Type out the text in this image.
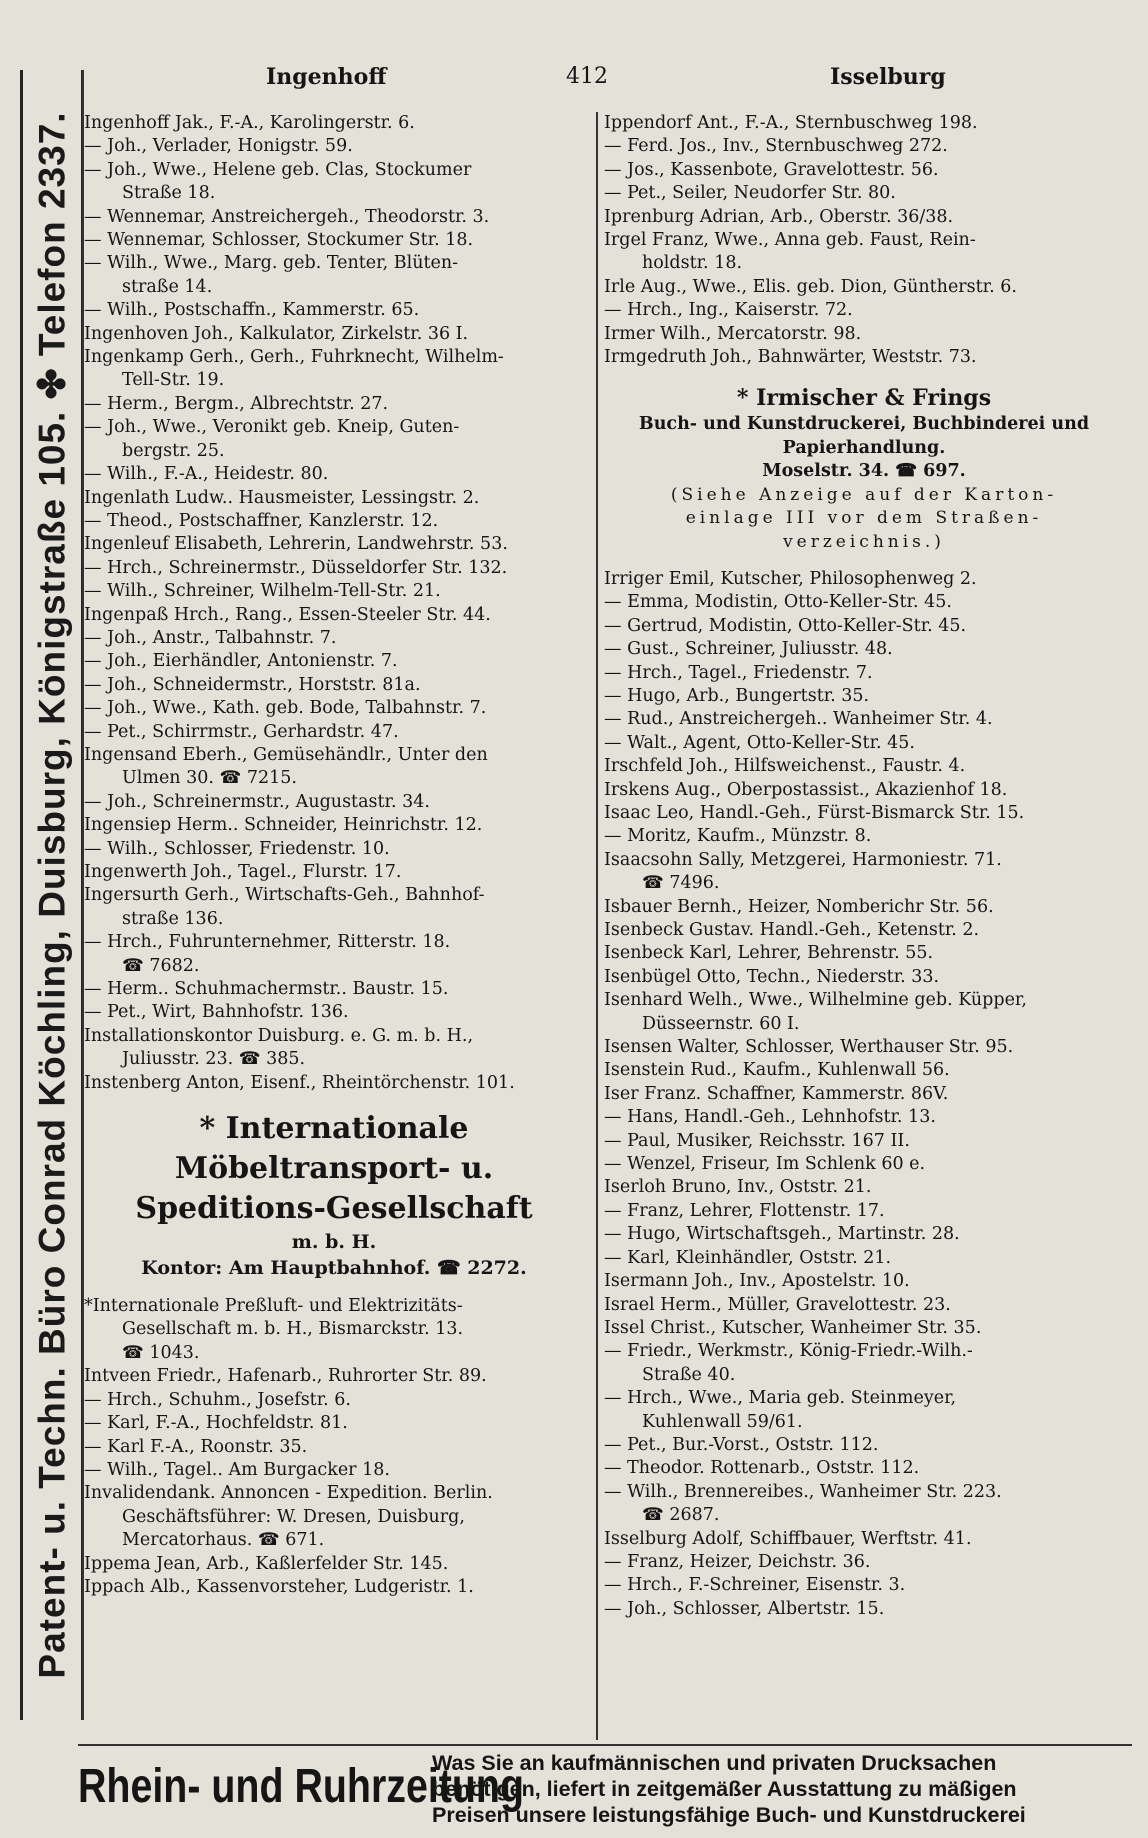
Patent- u. Techn. Büro Conrad Köchling, Duisburg, Königstraße 105. ✤ Telefon 2337.
Ingenhoff	412	Isselburg
Ingenhoff Jak., F.-A., Karolingerstr. 6.
— Joh., Verlader, Honigstr. 59.
— Joh., Wwe., Helene geb. Clas, Stockumer
Straße 18.
— Wennemar, Anstreichergeh., Theodorstr. 3.
— Wennemar, Schlosser, Stockumer Str. 18.
— Wilh., Wwe., Marg. geb. Tenter, Blüten-
straße 14.
— Wilh., Postschaffn., Kammerstr. 65.
Ingenhoven Joh., Kalkulator, Zirkelstr. 36 I.
Ingenkamp Gerh., Gerh., Fuhrknecht, Wilhelm-
Tell-Str. 19.
— Herm., Bergm., Albrechtstr. 27.
— Joh., Wwe., Veronikt geb. Kneip, Guten-
bergstr. 25.
— Wilh., F.-A., Heidestr. 80.
Ingenlath Ludw.. Hausmeister, Lessingstr. 2.
— Theod., Postschaffner, Kanzlerstr. 12.
Ingenleuf Elisabeth, Lehrerin, Landwehrstr. 53.
— Hrch., Schreinermstr., Düsseldorfer Str. 132.
— Wilh., Schreiner, Wilhelm-Tell-Str. 21.
Ingenpaß Hrch., Rang., Essen-Steeler Str. 44.
— Joh., Anstr., Talbahnstr. 7.
— Joh., Eierhändler, Antonienstr. 7.
— Joh., Schneidermstr., Horststr. 81a.
— Joh., Wwe., Kath. geb. Bode, Talbahnstr. 7.
— Pet., Schirrmstr., Gerhardstr. 47.
Ingensand Eberh., Gemüsehändlr., Unter den
Ulmen 30. ☎ 7215.
— Joh., Schreinermstr., Augustastr. 34.
Ingensiep Herm.. Schneider, Heinrichstr. 12.
— Wilh., Schlosser, Friedenstr. 10.
Ingenwerth Joh., Tagel., Flurstr. 17.
Ingersurth Gerh., Wirtschafts-Geh., Bahnhof-
straße 136.
— Hrch., Fuhrunternehmer, Ritterstr. 18.
☎ 7682.
— Herm.. Schuhmachermstr.. Baustr. 15.
— Pet., Wirt, Bahnhofstr. 136.
Installationskontor Duisburg. e. G. m. b. H.,
Juliusstr. 23. ☎ 385.
Instenberg Anton, Eisenf., Rheintörchenstr. 101.
* Internationale
Möbeltransport- u.
Speditions-Gesellschaft
m. b. H.
Kontor: Am Hauptbahnhof. ☎ 2272.
*Internationale Preßluft- und Elektrizitäts-
Gesellschaft m. b. H., Bismarckstr. 13.
☎ 1043.
Intveen Friedr., Hafenarb., Ruhrorter Str. 89.
— Hrch., Schuhm., Josefstr. 6.
— Karl, F.-A., Hochfeldstr. 81.
— Karl F.-A., Roonstr. 35.
— Wilh., Tagel.. Am Burgacker 18.
Invalidendank. Annoncen - Expedition. Berlin.
Geschäftsführer: W. Dresen, Duisburg,
Mercatorhaus. ☎ 671.
Ippema Jean, Arb., Kaßlerfelder Str. 145.
Ippach Alb., Kassenvorsteher, Ludgeristr. 1.
Ippendorf Ant., F.-A., Sternbuschweg 198.
— Ferd. Jos., Inv., Sternbuschweg 272.
— Jos., Kassenbote, Gravelottestr. 56.
— Pet., Seiler, Neudorfer Str. 80.
Iprenburg Adrian, Arb., Oberstr. 36/38.
Irgel Franz, Wwe., Anna geb. Faust, Rein-
holdstr. 18.
Irle Aug., Wwe., Elis. geb. Dion, Güntherstr. 6.
— Hrch., Ing., Kaiserstr. 72.
Irmer Wilh., Mercatorstr. 98.
Irmgedruth Joh., Bahnwärter, Weststr. 73.
* Irmischer & Frings
Buch- und Kunstdruckerei, Buchbinderei und
Papierhandlung.
Moselstr. 34. ☎ 697.
(Siehe Anzeige auf der Karton-
einlage III vor dem Straßen-
verzeichnis.)
Irriger Emil, Kutscher, Philosophenweg 2.
— Emma, Modistin, Otto-Keller-Str. 45.
— Gertrud, Modistin, Otto-Keller-Str. 45.
— Gust., Schreiner, Juliusstr. 48.
— Hrch., Tagel., Friedenstr. 7.
— Hugo, Arb., Bungertstr. 35.
— Rud., Anstreichergeh.. Wanheimer Str. 4.
— Walt., Agent, Otto-Keller-Str. 45.
Irschfeld Joh., Hilfsweichenst., Faustr. 4.
Irskens Aug., Oberpostassist., Akazienhof 18.
Isaac Leo, Handl.-Geh., Fürst-Bismarck Str. 15.
— Moritz, Kaufm., Münzstr. 8.
Isaacsohn Sally, Metzgerei, Harmoniestr. 71.
☎ 7496.
Isbauer Bernh., Heizer, Nomberichr Str. 56.
Isenbeck Gustav. Handl.-Geh., Ketenstr. 2.
Isenbeck Karl, Lehrer, Behrenstr. 55.
Isenbügel Otto, Techn., Niederstr. 33.
Isenhard Welh., Wwe., Wilhelmine geb. Küpper,
Düsseernstr. 60 I.
Isensen Walter, Schlosser, Werthauser Str. 95.
Isenstein Rud., Kaufm., Kuhlenwall 56.
Iser Franz. Schaffner, Kammerstr. 86V.
— Hans, Handl.-Geh., Lehnhofstr. 13.
— Paul, Musiker, Reichsstr. 167 II.
— Wenzel, Friseur, Im Schlenk 60 e.
Iserloh Bruno, Inv., Oststr. 21.
— Franz, Lehrer, Flottenstr. 17.
— Hugo, Wirtschaftsgeh., Martinstr. 28.
— Karl, Kleinhändler, Oststr. 21.
Isermann Joh., Inv., Apostelstr. 10.
Israel Herm., Müller, Gravelottestr. 23.
Issel Christ., Kutscher, Wanheimer Str. 35.
— Friedr., Werkmstr., König-Friedr.-Wilh.-
Straße 40.
— Hrch., Wwe., Maria geb. Steinmeyer,
Kuhlenwall 59/61.
— Pet., Bur.-Vorst., Oststr. 112.
— Theodor. Rottenarb., Oststr. 112.
— Wilh., Brennereibes., Wanheimer Str. 223.
☎ 2687.
Isselburg Adolf, Schiffbauer, Werftstr. 41.
— Franz, Heizer, Deichstr. 36.
— Hrch., F.-Schreiner, Eisenstr. 3.
— Joh., Schlosser, Albertstr. 15.
Rhein- und Ruhrzeitung
Was Sie an kaufmännischen und privaten Drucksachen
benötigen, liefert in zeitgemäßer Ausstattung zu mäßigen
Preisen unsere leistungsfähige Buch- und Kunstdruckerei
